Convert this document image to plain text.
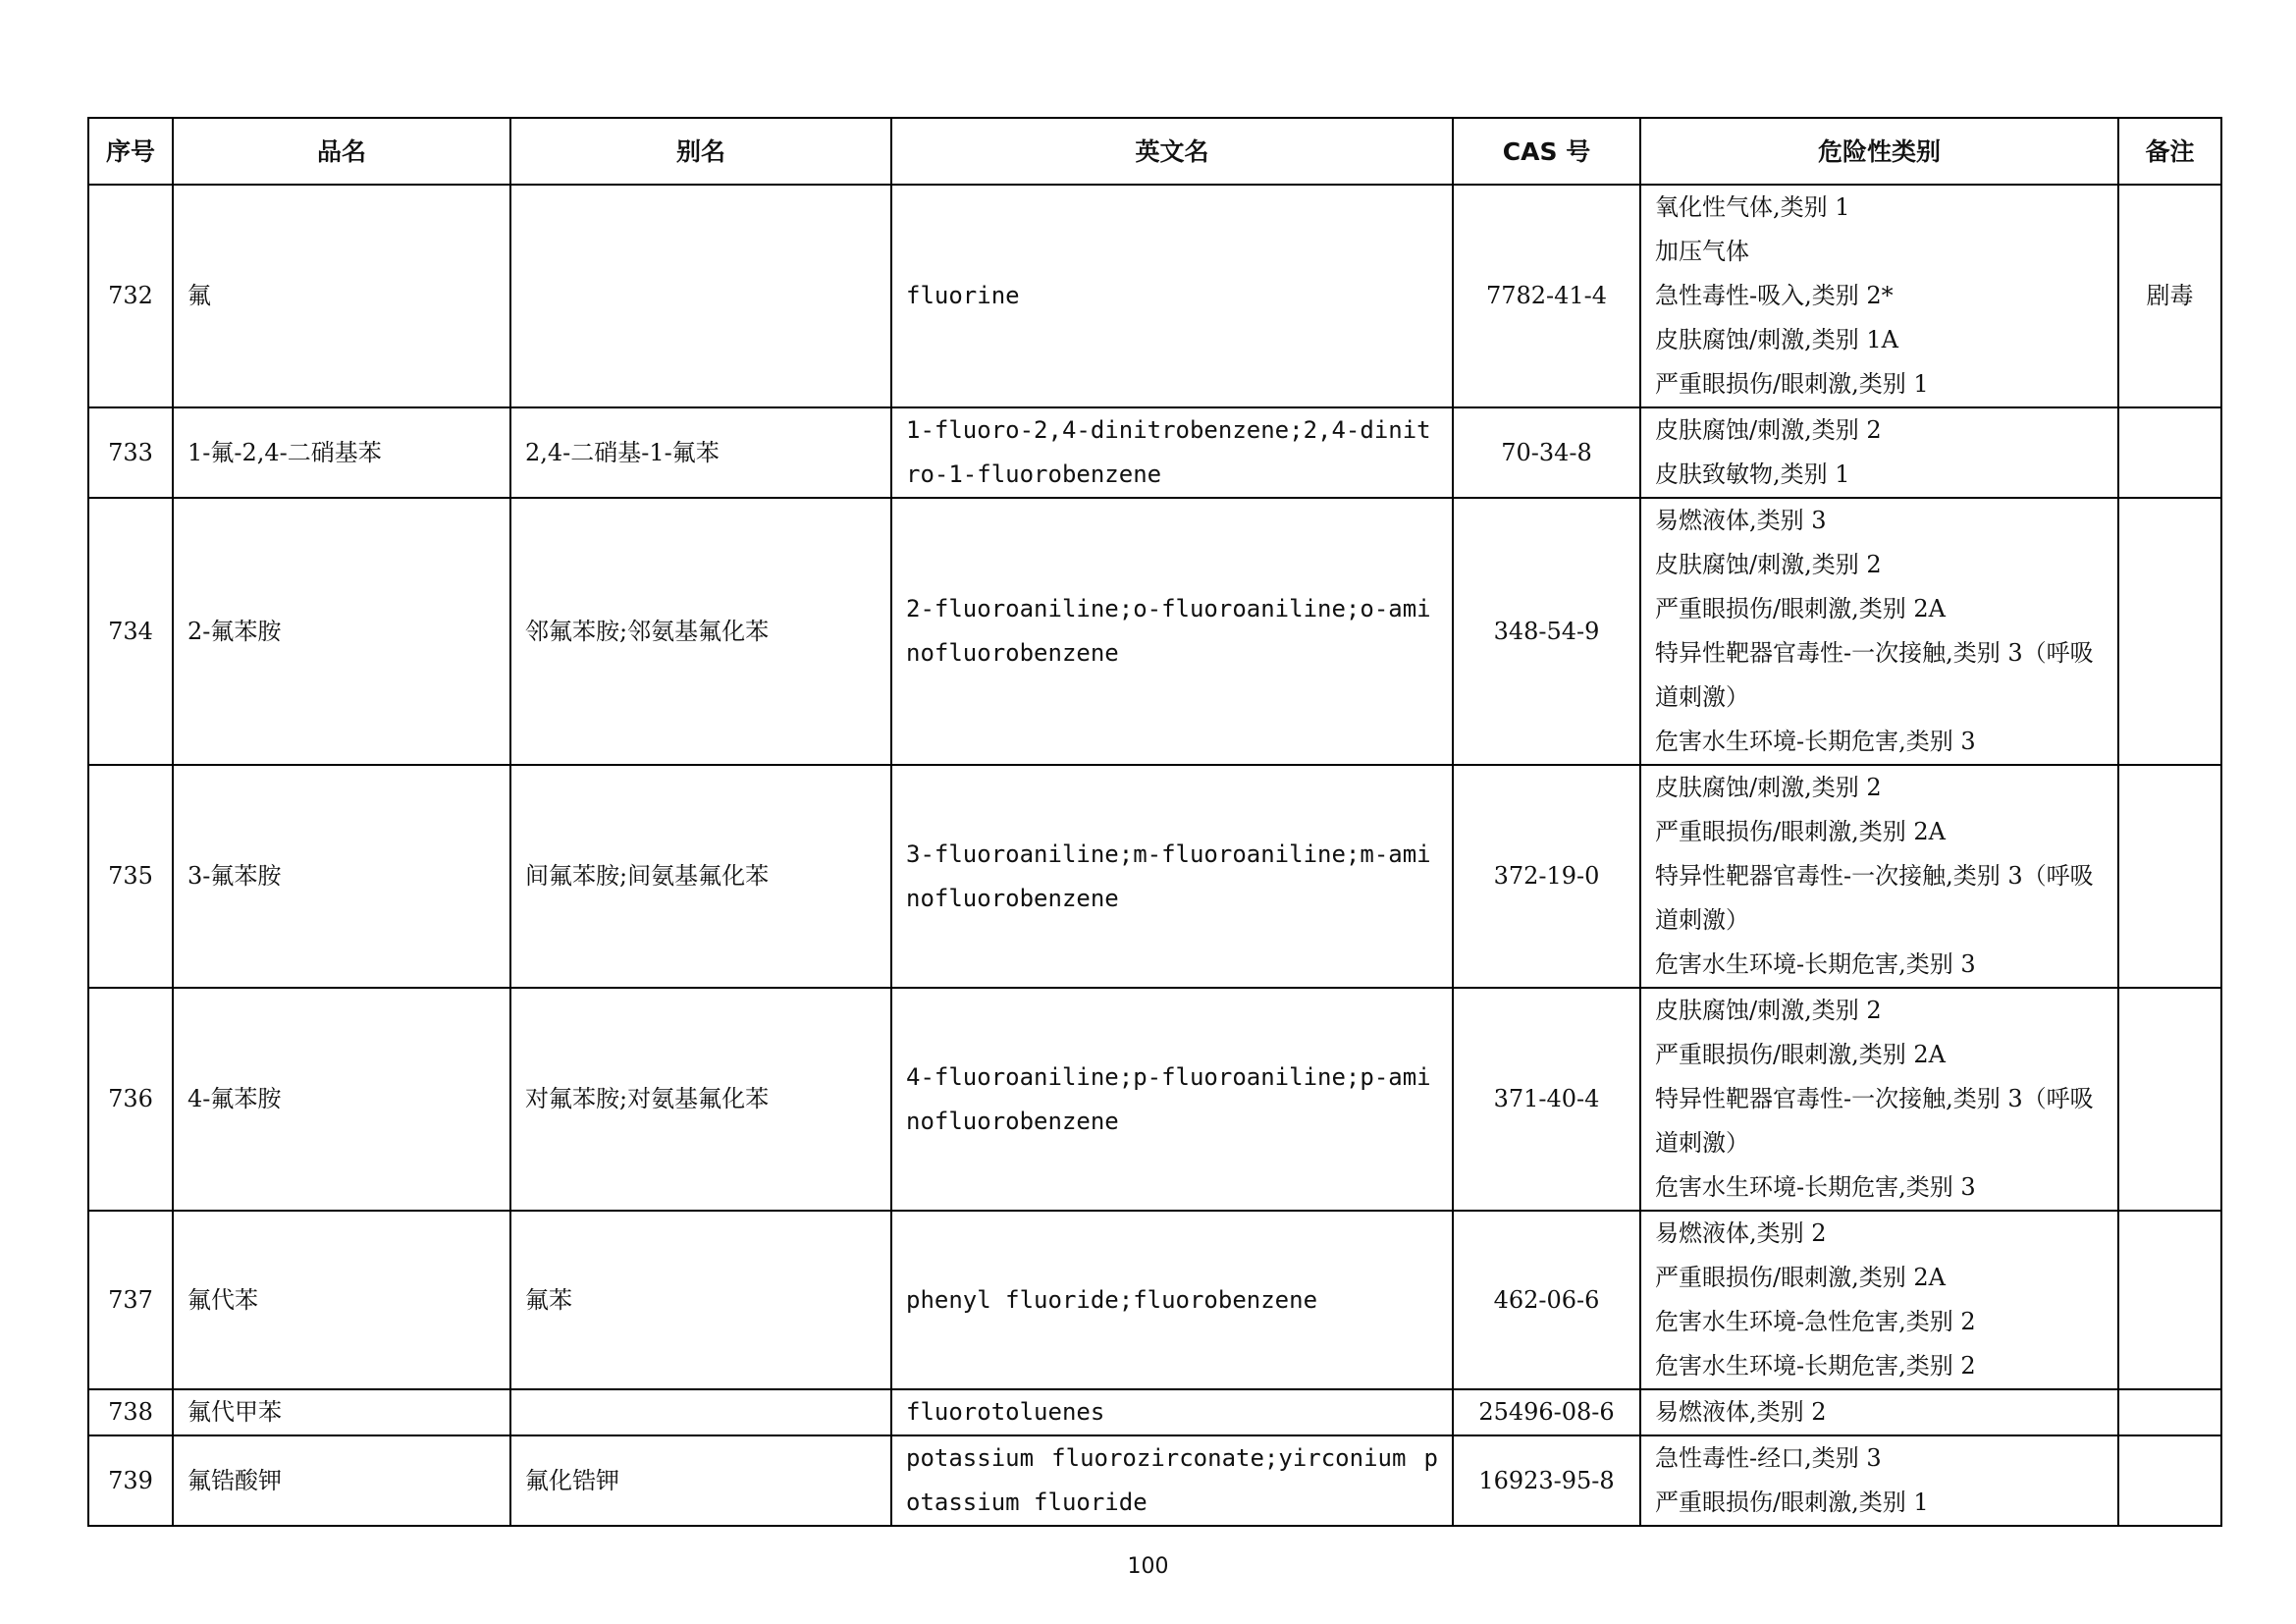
序号	品名	别名	英文名	CAS 号	危险性类别	备注
732	氟		fluorine	7782-41-4	氧化性气体,类别 1
加压气体
急性毒性-吸入,类别 2*
皮肤腐蚀/刺激,类别 1A
严重眼损伤/眼刺激,类别 1	剧毒
733	1-氟-2,4-二硝基苯	2,4-二硝基-1-氟苯	1-fluoro-2,4-dinitrobenzene;2,4-dinitro-1-fluorobenzene	70-34-8	皮肤腐蚀/刺激,类别 2
皮肤致敏物,类别 1	

734	2-氟苯胺	邻氟苯胺;邻氨基氟化苯	2-fluoroaniline;o-fluoroaniline;o-aminofluorobenzene	348-54-9	易燃液体,类别 3
皮肤腐蚀/刺激,类别 2
严重眼损伤/眼刺激,类别 2A
特异性靶器官毒性-一次接触,类别 3（呼吸道刺激）
危害水生环境-长期危害,类别 3	

735	3-氟苯胺	间氟苯胺;间氨基氟化苯	3-fluoroaniline;m-fluoroaniline;m-aminofluorobenzene	372-19-0	皮肤腐蚀/刺激,类别 2
严重眼损伤/眼刺激,类别 2A
特异性靶器官毒性-一次接触,类别 3（呼吸道刺激）
危害水生环境-长期危害,类别 3	

736	4-氟苯胺	对氟苯胺;对氨基氟化苯	4-fluoroaniline;p-fluoroaniline;p-aminofluorobenzene	371-40-4	皮肤腐蚀/刺激,类别 2
严重眼损伤/眼刺激,类别 2A
特异性靶器官毒性-一次接触,类别 3（呼吸道刺激）
危害水生环境-长期危害,类别 3	

737	氟代苯	氟苯	phenyl fluoride;fluorobenzene	462-06-6	易燃液体,类别 2
严重眼损伤/眼刺激,类别 2A
危害水生环境-急性危害,类别 2
危害水生环境-长期危害,类别 2	

738	氟代甲苯		fluorotoluenes	25496-08-6	易燃液体,类别 2	

739	氟锆酸钾	氟化锆钾	potassium fluorozirconate;yirconium potassium fluoride	16923-95-8	急性毒性-经口,类别 3
严重眼损伤/眼刺激,类别 1	

100
